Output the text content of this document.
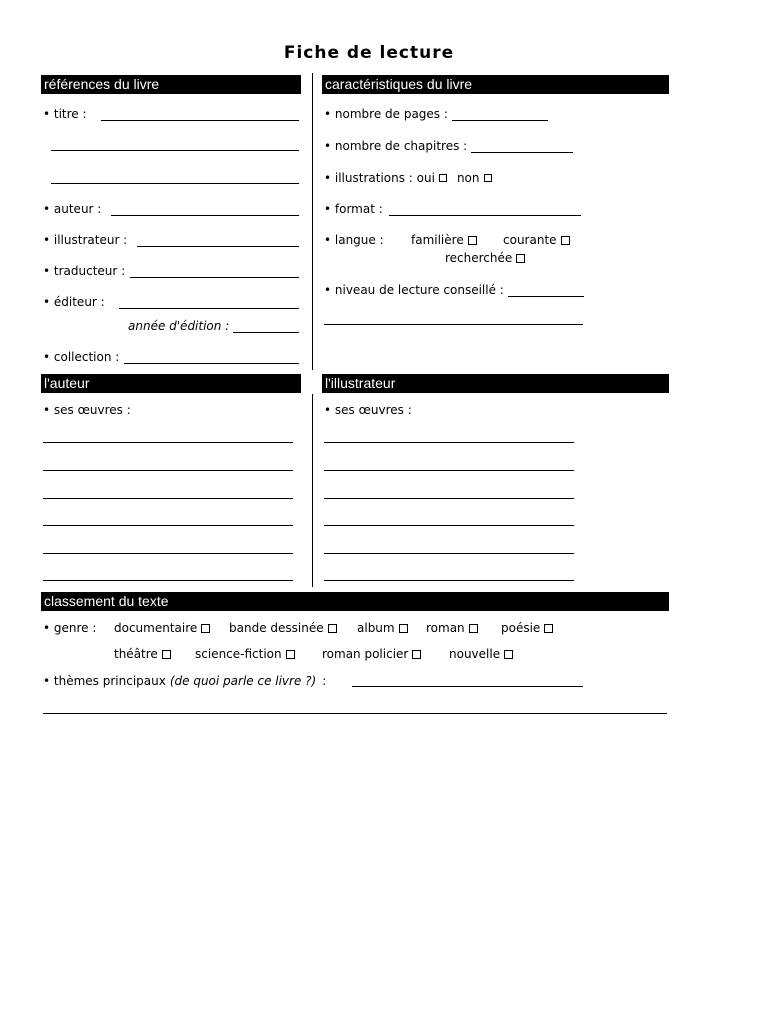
Fiche de lecture
références du livre	caractéristiques du livre
l'auteur	l'illustrateur
classement du texte
• titre :
• auteur :
• illustrateur :
• traducteur :
• éditeur :
année d'édition :
• collection :
• nombre de pages :
• nombre de chapitres :
• illustrations : oui non
• format :
• langue : familière	courante
recherchée
• niveau de lecture conseillé :
• ses œuvres :	• ses œuvres :
• genre : documentaire	bande dessinée	album	roman	poésie
théâtre	science-fiction	roman policier	nouvelle
• thèmes principaux (de quoi parle ce livre ?) :
